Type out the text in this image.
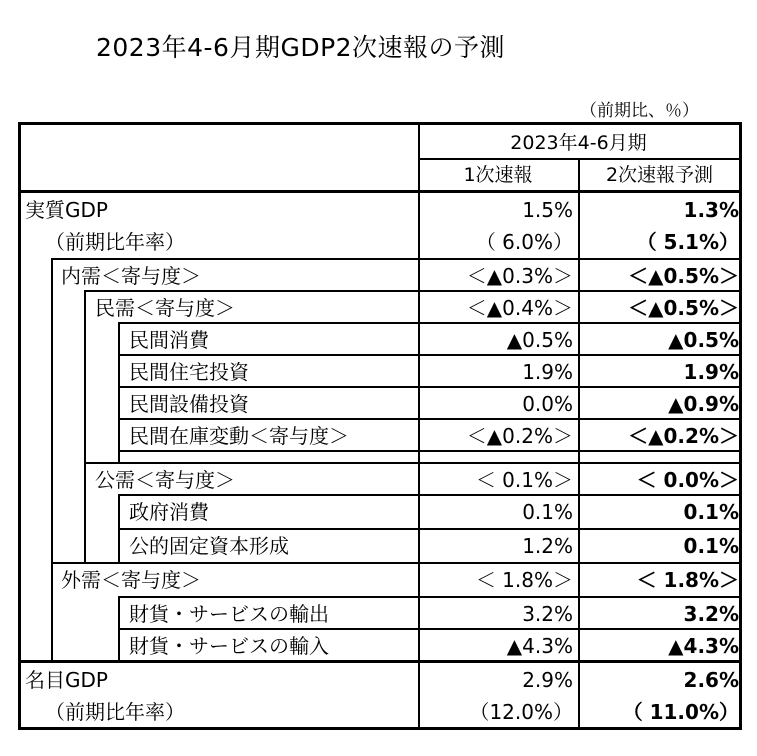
2023年4-6月期GDP2次速報の予測
（前期比、％）
2023年4-6月期
1次速報	2次速報予測
実質GDP	1.5%	1.3%
（前期比年率）	（ 6.0%）	（ 5.1%）
内需＜寄与度＞	＜▲0.3%＞	＜▲0.5%＞
民需＜寄与度＞	＜▲0.4%＞	＜▲0.5%＞
民間消費	▲0.5%	▲0.5%
民間住宅投資	1.9%	1.9%
民間設備投資	0.0%	▲0.9%
民間在庫変動＜寄与度＞	＜▲0.2%＞	＜▲0.2%＞
公需＜寄与度＞	＜ 0.1%＞	＜ 0.0%＞
政府消費	0.1%	0.1%
公的固定資本形成	1.2%	0.1%
外需＜寄与度＞	＜ 1.8%＞	＜ 1.8%＞
財貨・サービスの輸出	3.2%	3.2%
財貨・サービスの輸入	▲4.3%	▲4.3%
名目GDP	2.9%	2.6%
（前期比年率）	（12.0%）	（ 11.0%）
